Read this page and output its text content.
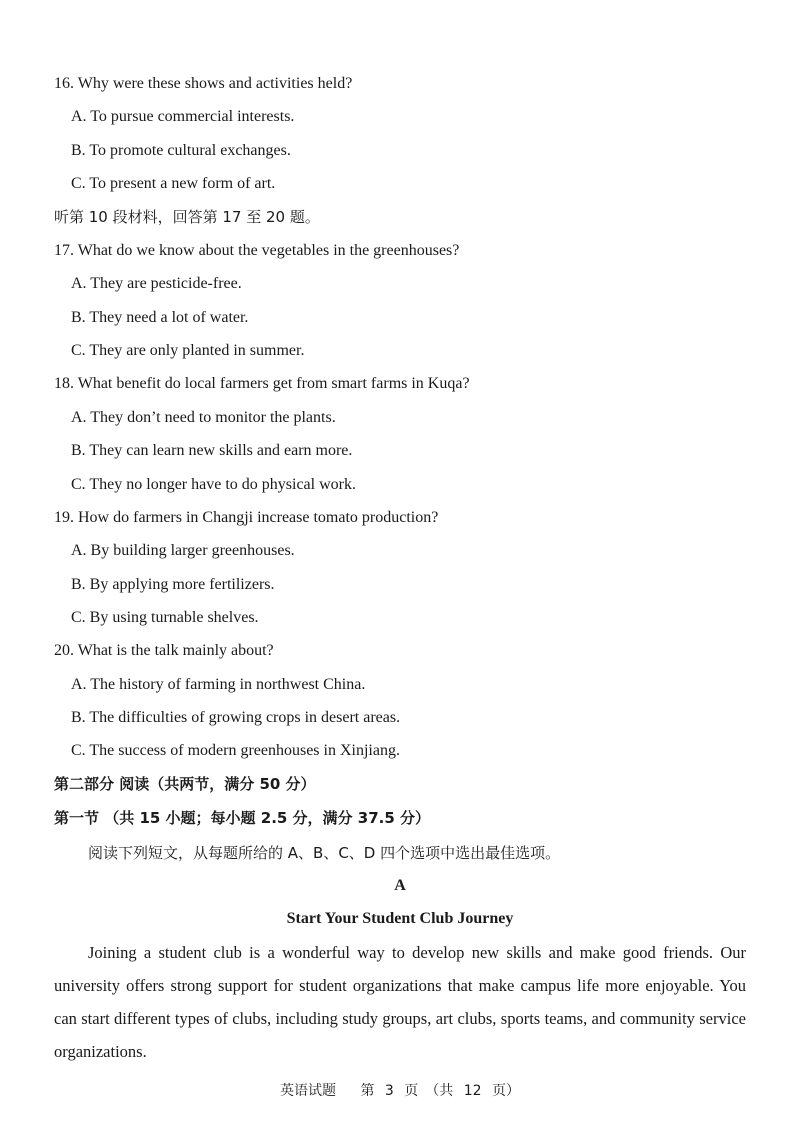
16. Why were these shows and activities held?
A. To pursue commercial interests.
B. To promote cultural exchanges.
C. To present a new form of art.
听第 10 段材料，回答第 17 至 20 题。
17. What do we know about the vegetables in the greenhouses?
A. They are pesticide-free.
B. They need a lot of water.
C. They are only planted in summer.
18. What benefit do local farmers get from smart farms in Kuqa?
A. They don’t need to monitor the plants.
B. They can learn new skills and earn more.
C. They no longer have to do physical work.
19. How do farmers in Changji increase tomato production?
A. By building larger greenhouses.
B. By applying more fertilizers.
C. By using turnable shelves.
20. What is the talk mainly about?
A. The history of farming in northwest China.
B. The difficulties of growing crops in desert areas.
C. The success of modern greenhouses in Xinjiang.
第二部分 阅读（共两节，满分 50 分）
第一节 （共 15 小题；每小题 2.5 分，满分 37.5 分）
阅读下列短文，从每题所给的 A、B、C、D 四个选项中选出最佳选项。
A
Start Your Student Club Journey
Joining a student club is a wonderful way to develop new skills and make good friends. Our university offers strong support for student organizations that make campus life more enjoyable. You can start different types of clubs, including study groups, art clubs, sports teams, and community service organizations.
英语试题　 第 3 页　（共 12 页）
